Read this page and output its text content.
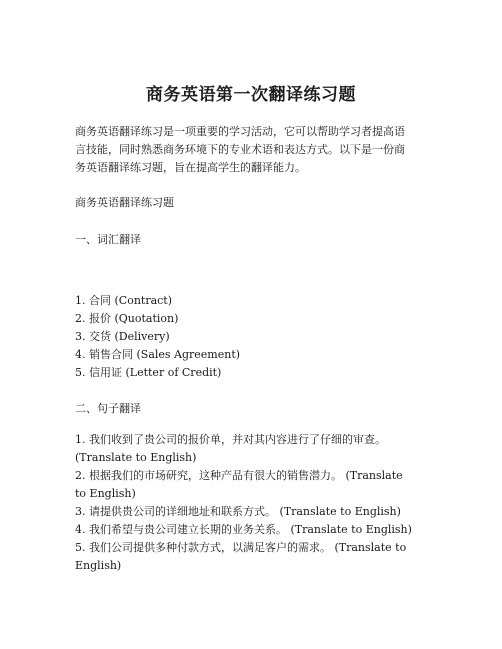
商务英语第一次翻译练习题
商务英语翻译练习是一项重要的学习活动，它可以帮助学习者提高语
言技能，同时熟悉商务环境下的专业术语和表达方式。以下是一份商
务英语翻译练习题，旨在提高学生的翻译能力。
商务英语翻译练习题
一、词汇翻译
1. 合同 (Contract)
2. 报价 (Quotation)
3. 交货 (Delivery)
4. 销售合同 (Sales Agreement)
5. 信用证 (Letter of Credit)
二、句子翻译
1. 我们收到了贵公司的报价单，并对其内容进行了仔细的审查。
(Translate to English)
2. 根据我们的市场研究，这种产品有很大的销售潜力。 (Translate
to English)
3. 请提供贵公司的详细地址和联系方式。 (Translate to English)
4. 我们希望与贵公司建立长期的业务关系。 (Translate to English)
5. 我们公司提供多种付款方式，以满足客户的需求。 (Translate to
English)
